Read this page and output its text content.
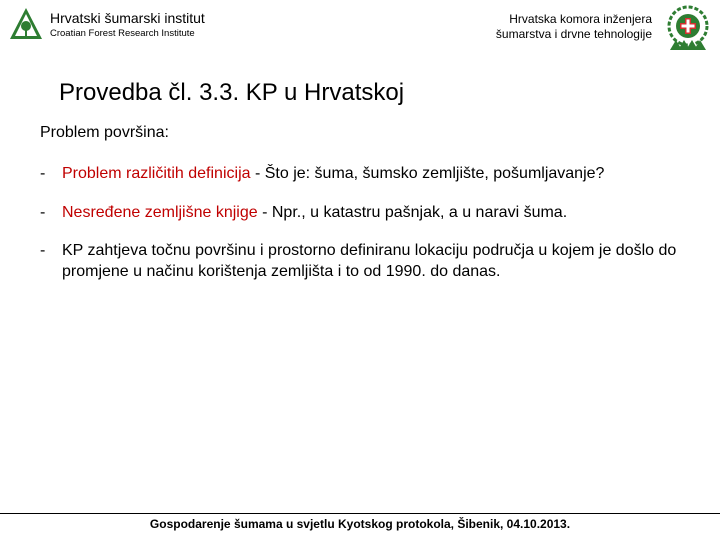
Hrvatski šumarski institut
Croatian Forest Research Institute
Hrvatska komora inženjera
šumarstva i drvne tehnologije
Provedba čl. 3.3. KP u Hrvatskoj
Problem površina:
- Problem različitih definicija - Što je: šuma, šumsko zemljište, pošumljavanje?
- Nesređene zemljišne knjige - Npr., u katastru pašnjak, a u naravi šuma.
- KP zahtjeva točnu površinu i prostorno definiranu lokaciju područja u kojem je došlo do promjene u načinu korištenja zemljišta i to od 1990. do danas.
Gospodarenje šumama u svjetlu Kyotskog protokola, Šibenik, 04.10.2013.
